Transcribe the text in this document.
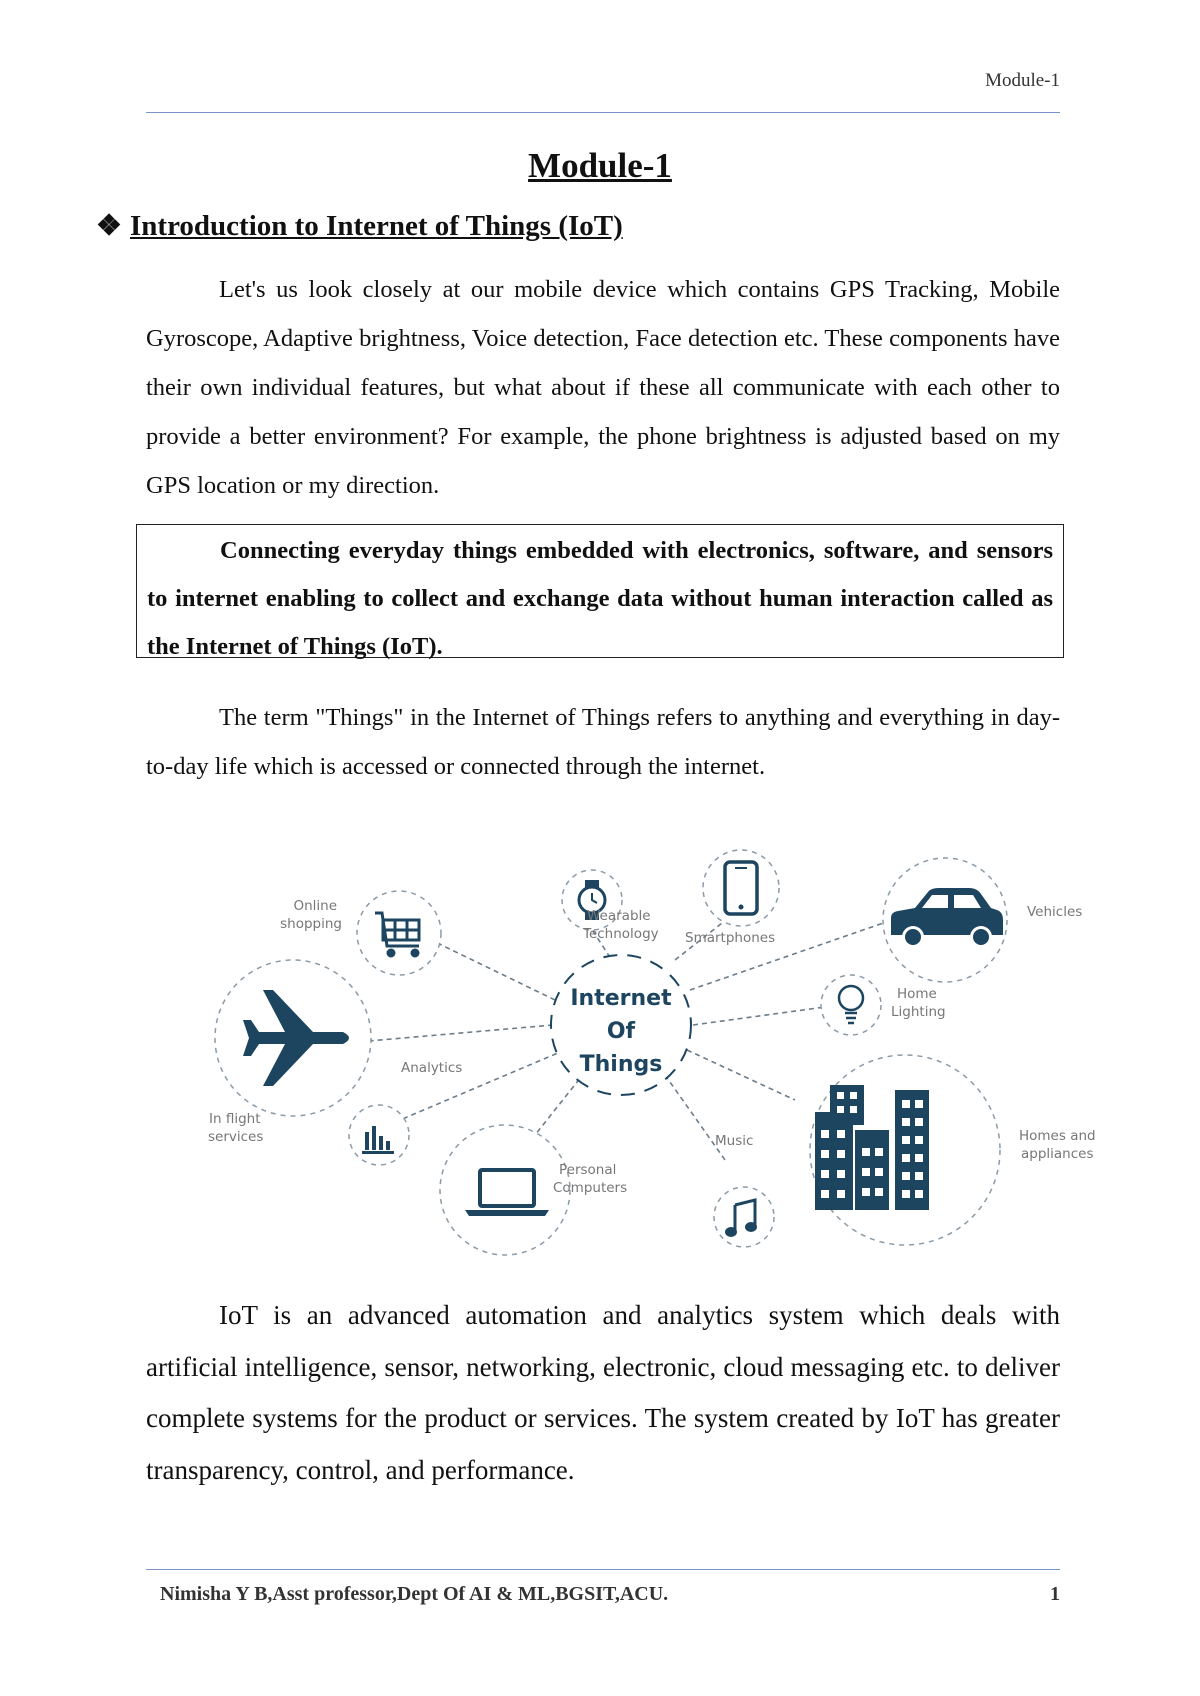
Module-1
Module-1
❖ Introduction to Internet of Things (IoT)

Let's us look closely at our mobile device which contains GPS Tracking, Mobile Gyroscope, Adaptive brightness, Voice detection, Face detection etc. These components have their own individual features, but what about if these all communicate with each other to provide a better environment? For example, the phone brightness is adjusted based on my GPS location or my direction.

Connecting everyday things embedded with electronics, software, and sensors to internet enabling to collect and exchange data without human interaction called as the Internet of Things (IoT).

The term "Things" in the Internet of Things refers to anything and everything in day-to-day life which is accessed or connected through the internet.

Internet
Of
Things
Online
shopping	Wearable
Technology Smartphones
Vehicles
Home
Lighting
Homes and
appliances
Music
Personal
Computers
Analytics
In flight
services

IoT is an advanced automation and analytics system which deals with artificial intelligence, sensor, networking, electronic, cloud messaging etc. to deliver complete systems for the product or services. The system created by IoT has greater transparency, control, and performance.

Nimisha Y B,Asst professor,Dept Of AI & ML,BGSIT,ACU.	1
